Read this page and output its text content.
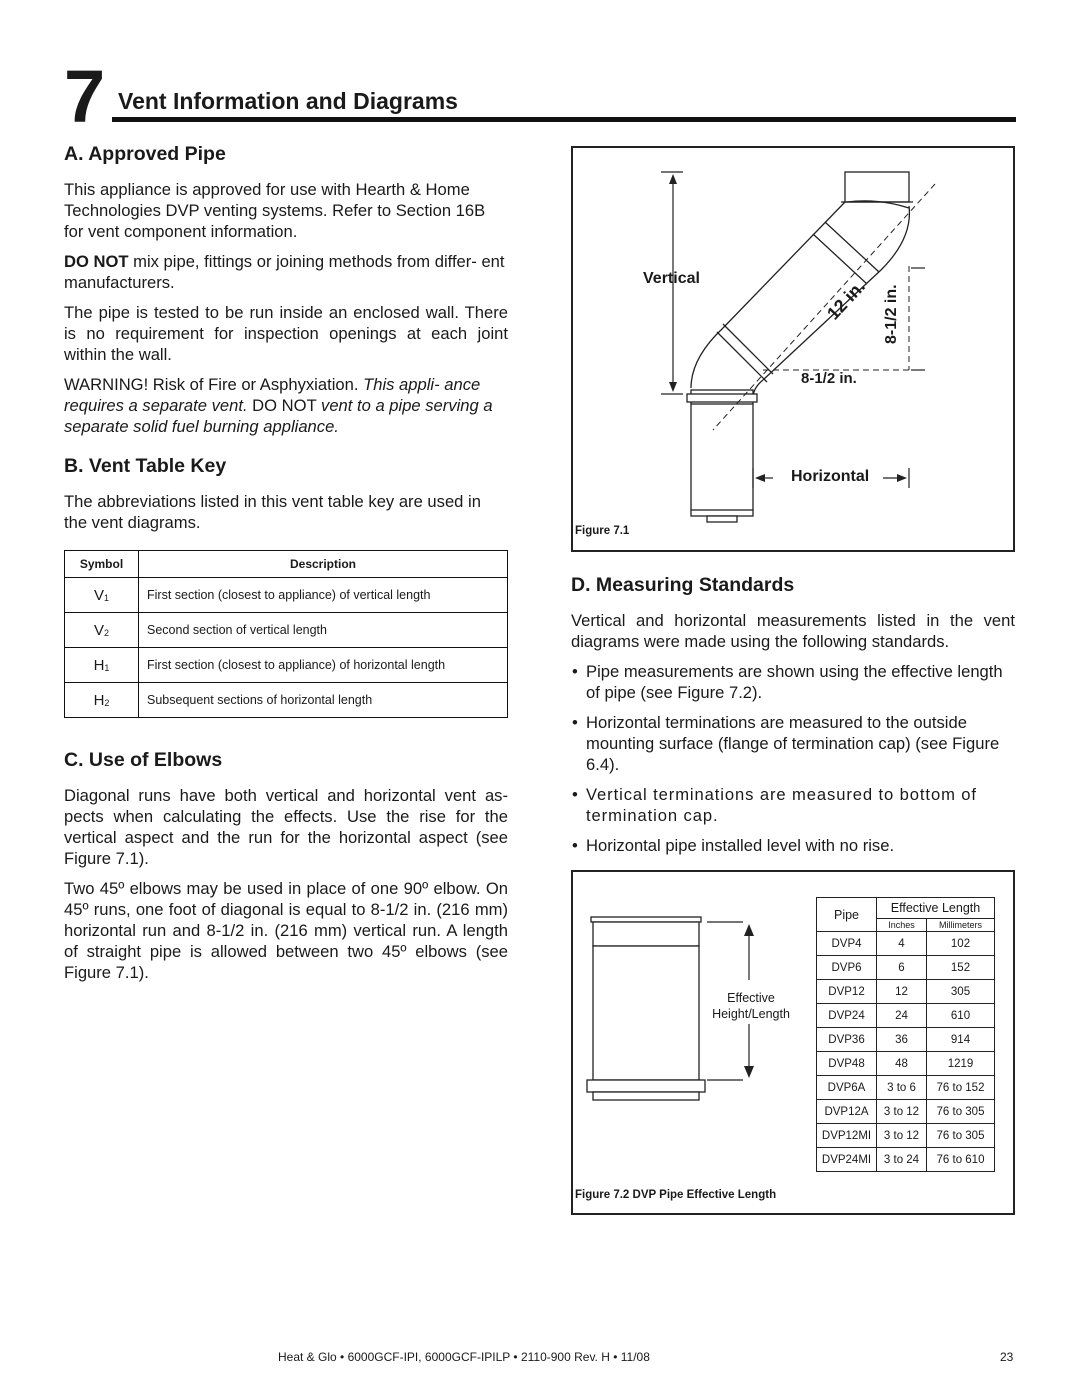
7 Vent Information and Diagrams
A. Approved Pipe

This appliance is approved for use with Hearth & Home Technologies DVP venting systems. Refer to Section 16B for vent component information.

DO NOT mix pipe, fittings or joining methods from differ- ent manufacturers.

The pipe is tested to be run inside an enclosed wall. There is no requirement for inspection openings at each joint within the wall.

WARNING! Risk of Fire or Asphyxiation. This appli- ance requires a separate vent. DO NOT vent to a pipe serving a separate solid fuel burning appliance.

B. Vent Table Key

The abbreviations listed in this vent table key are used in the vent diagrams.

Symbol	Description
$V_1$	First section (closest to appliance) of vertical length
$V_2$	Second section of vertical length
$H_1$	First section (closest to appliance) of horizontal length
$H_2$	Subsequent sections of horizontal length
C. Use of Elbows

Diagonal runs have both vertical and horizontal vent as- pects when calculating the effects. Use the rise for the vertical aspect and the run for the horizontal aspect (see Figure 7.1).

Two 45º elbows may be used in place of one 90º elbow. On 45º runs, one foot of diagonal is equal to 8-1/2 in. (216 mm) horizontal run and 8-1/2 in. (216 mm) vertical run. A length of straight pipe is allowed between two 45º elbows (see Figure 7.1).

Vertical	12 in. 8-1/2 in.
8-1/2 in.
Horizontal
Figure 7.1
D. Measuring Standards

Vertical and horizontal measurements listed in the vent diagrams were made using the following standards.

• Pipe measurements are shown using the effective length of pipe (see Figure 7.2).
• Horizontal terminations are measured to the outside mounting surface (flange of termination cap) (see Figure 6.4).
• Vertical terminations are measured to bottom of termination cap.
• Horizontal pipe installed level with no rise.
Effective
Height/Length
Pipe	Effective Length	
	Inches	Millimeters
DVP4	4	102
DVP6	6	152
DVP12	12	305
DVP24	24	610
DVP36	36	914
DVP48	48	1219
DVP6A	3 to 6	76 to 152
DVP12A	3 to 12	76 to 305
DVP12MI	3 to 12	76 to 305
DVP24MI	3 to 24	76 to 610
Figure 7.2 DVP Pipe Effective Length
Heat & Glo • 6000GCF-IPI, 6000GCF-IPILP • 2110-900 Rev. H • 11/08	23
